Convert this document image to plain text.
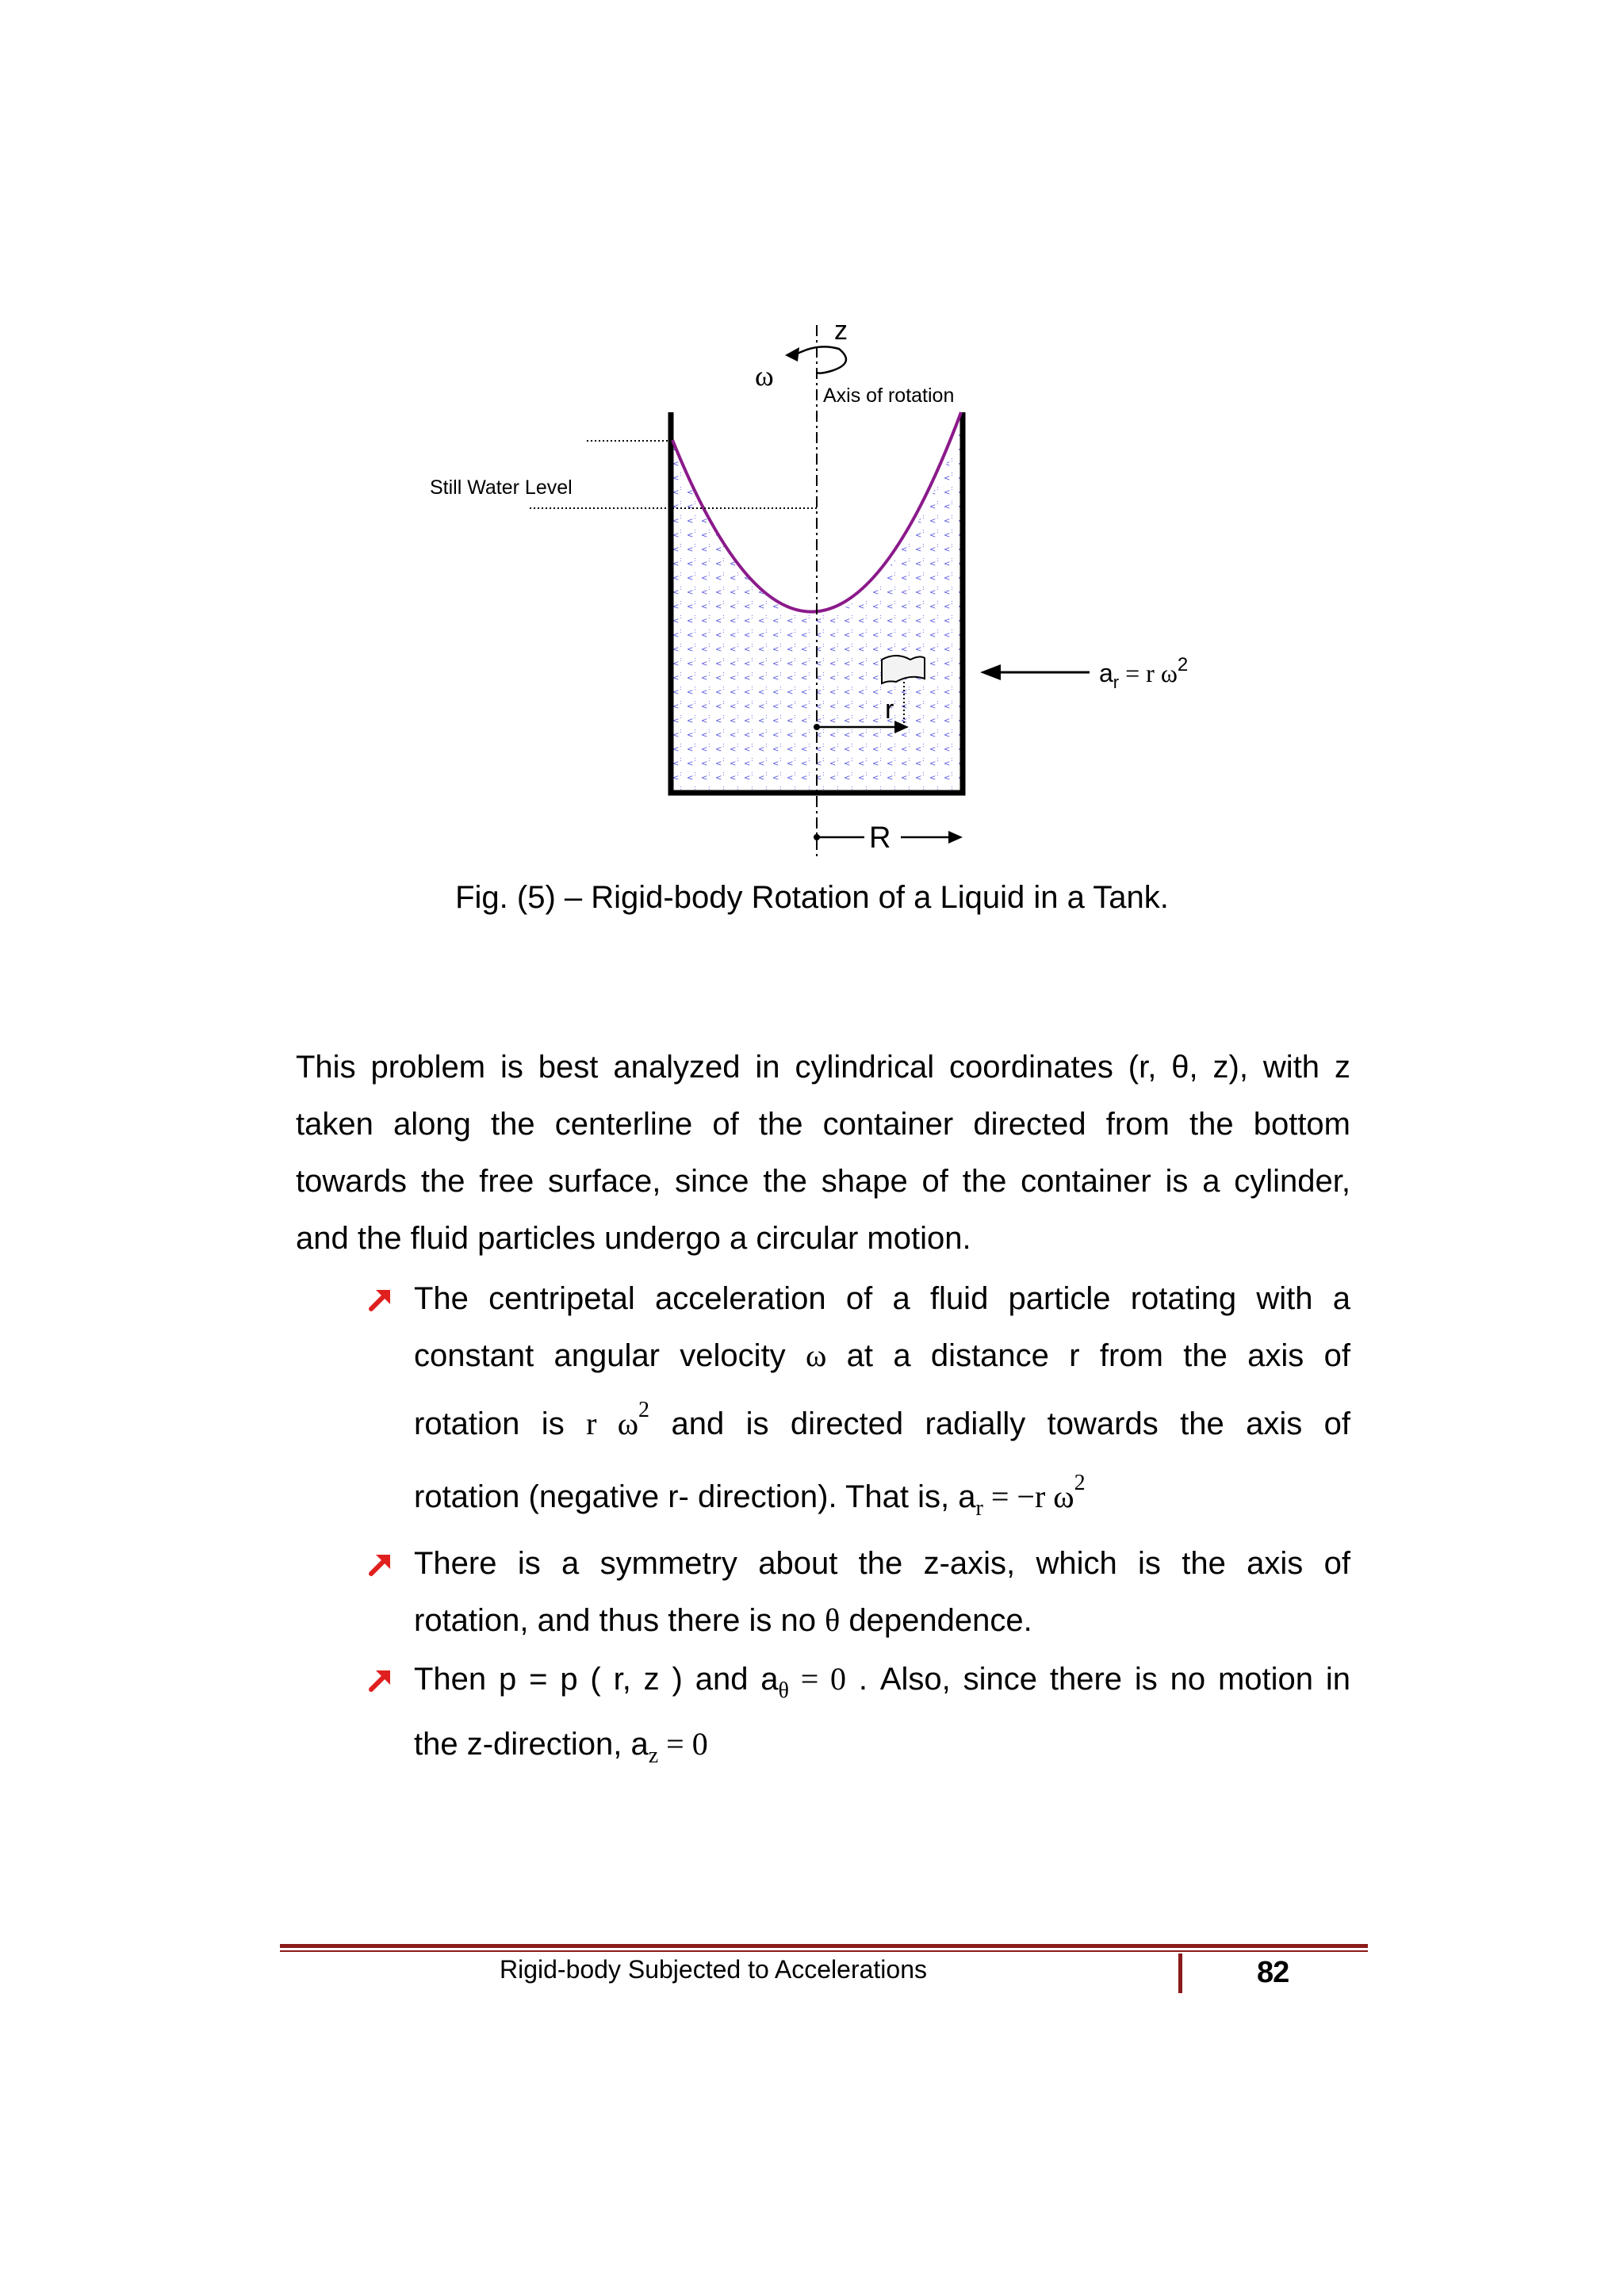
z
ω
Axis of rotation
Still Water Level
r
$a_r = r$ $\omega^2$
R
Fig. (5) – Rigid-body Rotation of a Liquid in a Tank.
This problem is best analyzed in cylindrical coordinates (r, θ, z), with z
taken along the centerline of the container directed from the bottom
towards the free surface, since the shape of the container is a cylinder,
and the fluid particles undergo a circular motion.
The centripetal acceleration of a fluid particle rotating with a
constant angular velocity ω at a distance r from the axis of
rotation is r $\omega^2$ and is directed radially towards the axis of
rotation (negative r- direction). That is, $a_r = -r$ $\omega^2$
There is a symmetry about the z-axis, which is the axis of
rotation, and thus there is no θ dependence.
Then p = p ( r, z ) and $a_\theta = 0$ . Also, since there is no motion in
the z-direction, $a_z = 0$
Rigid-body Subjected to Accelerations	82
